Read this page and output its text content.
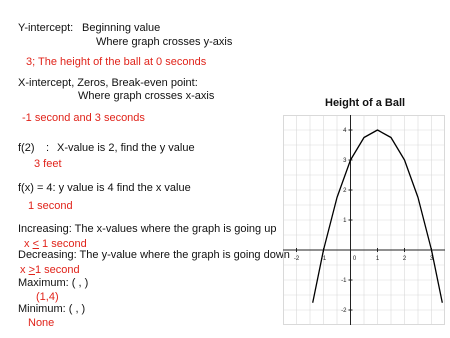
Y-intercept: Beginning value
Where graph crosses y-axis
3; The height of the ball at 0 seconds
X-intercept, Zeros, Break-even point:
Where graph crosses x-axis
-1 second and 3 seconds
f(2) : X-value is 2, find the y value
3 feet
f(x) = 4: y value is 4 find the x value
1 second
Increasing: The x-values where the graph is going up
x ≤ 1 second
Decreasing: The y-value where the graph is going down
x ≥1 second
Maximum: ( , )
(1,4)
Minimum: ( , )
None
Height of a Ball
-2	-1	0	1	2	3
-2
-1
1
2
3
4
